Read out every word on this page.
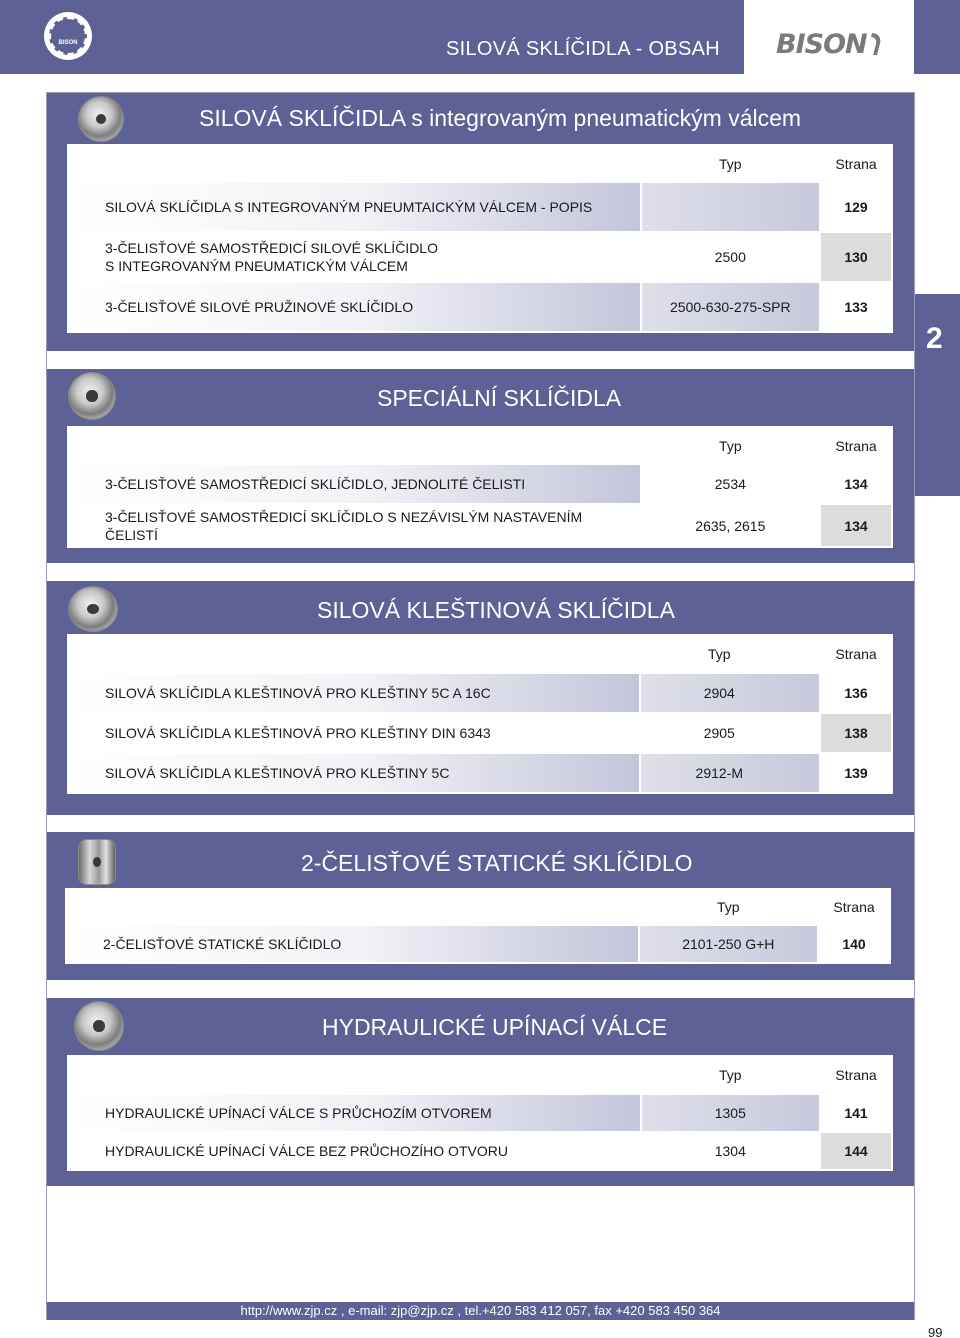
BISON	SILOVÁ SKLÍČIDLA - OBSAH BISON
2
SILOVÁ SKLÍČIDLA s integrovaným pneumatickým válcem
	Typ	Strana
SILOVÁ SKLÍČIDLA S INTEGROVANÝM PNEUMTAICKÝM VÁLCEM - POPIS		129
3-ČELISŤOVÉ SAMOSTŘEDICÍ SILOVÉ SKLÍČIDLO
S INTEGROVANÝM PNEUMATICKÝM VÁLCEM	2500	130
3-ČELISŤOVÉ SILOVÉ PRUŽINOVÉ SKLÍČIDLO	2500-630-275-SPR	133
SPECIÁLNÍ SKLÍČIDLA
	Typ	Strana
3-ČELISŤOVÉ SAMOSTŘEDICÍ SKLÍČIDLO, JEDNOLITÉ ČELISTI	2534	134
3-ČELISŤOVÉ SAMOSTŘEDICÍ SKLÍČIDLO S NEZÁVISLÝM NASTAVENÍM ČELISTÍ	2635, 2615	134
SILOVÁ KLEŠTINOVÁ SKLÍČIDLA
	Typ	Strana
SILOVÁ SKLÍČIDLA KLEŠTINOVÁ PRO KLEŠTINY 5C A 16C	2904	136
SILOVÁ SKLÍČIDLA KLEŠTINOVÁ PRO KLEŠTINY DIN 6343	2905	138
SILOVÁ SKLÍČIDLA KLEŠTINOVÁ PRO KLEŠTINY 5C	2912-M	139
2-ČELISŤOVÉ STATICKÉ SKLÍČIDLO
	Typ	Strana
2-ČELISŤOVÉ STATICKÉ SKLÍČIDLO	2101-250 G+H	140
HYDRAULICKÉ UPÍNACÍ VÁLCE
	Typ	Strana
HYDRAULICKÉ UPÍNACÍ VÁLCE S PRŮCHOZÍM OTVOREM	1305	141
HYDRAULICKÉ UPÍNACÍ VÁLCE BEZ PRŮCHOZÍHO OTVORU	1304	144
http://www.zjp.cz , e-mail: zjp@zjp.cz , tel.+420 583 412 057, fax +420 583 450 364
99
